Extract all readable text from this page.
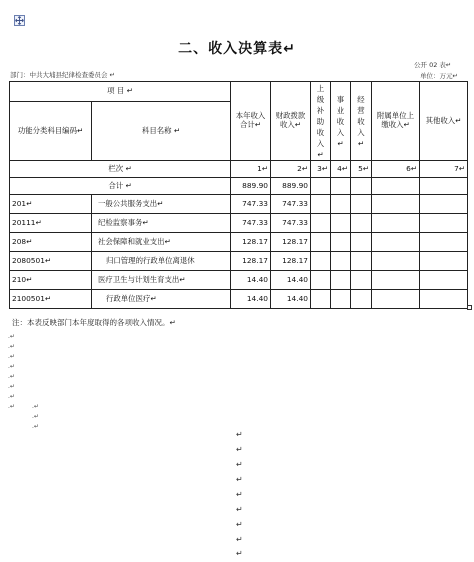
二、收入决算表↵
部门：中共大埔县纪律检查委员会 ↵
公开 02 表↵
单位：万元↵
项 目 ↵		本年收入合计↵	财政拨款收入↵	上级补助收入↵	事业收入↵	经营收入↵	附属单位上缴收入↵	其他收入↵
功能分类科目编码↵	科目名称 ↵							
栏次 ↵		1↵	2↵	3↵	4↵	5↵	6↵	7↵
合计 ↵		889.90	889.90					
201↵	一般公共服务支出↵	747.33	747.33					
20111↵	纪检监察事务↵	747.33	747.33					
208↵	社会保障和就业支出↵	128.17	128.17					
2080501↵	归口管理的行政单位离退休	128.17	128.17					
210↵	医疗卫生与计划生育支出↵	14.40	14.40					
2100501↵	行政单位医疗↵	14.40	14.40					
注：本表反映部门本年度取得的各项收入情况。↵
.↵
.↵
.↵
.↵
.↵
.↵
.↵
.↵	.↵
.↵
.↵
↵
↵
↵
↵
↵
↵
↵
↵
↵
